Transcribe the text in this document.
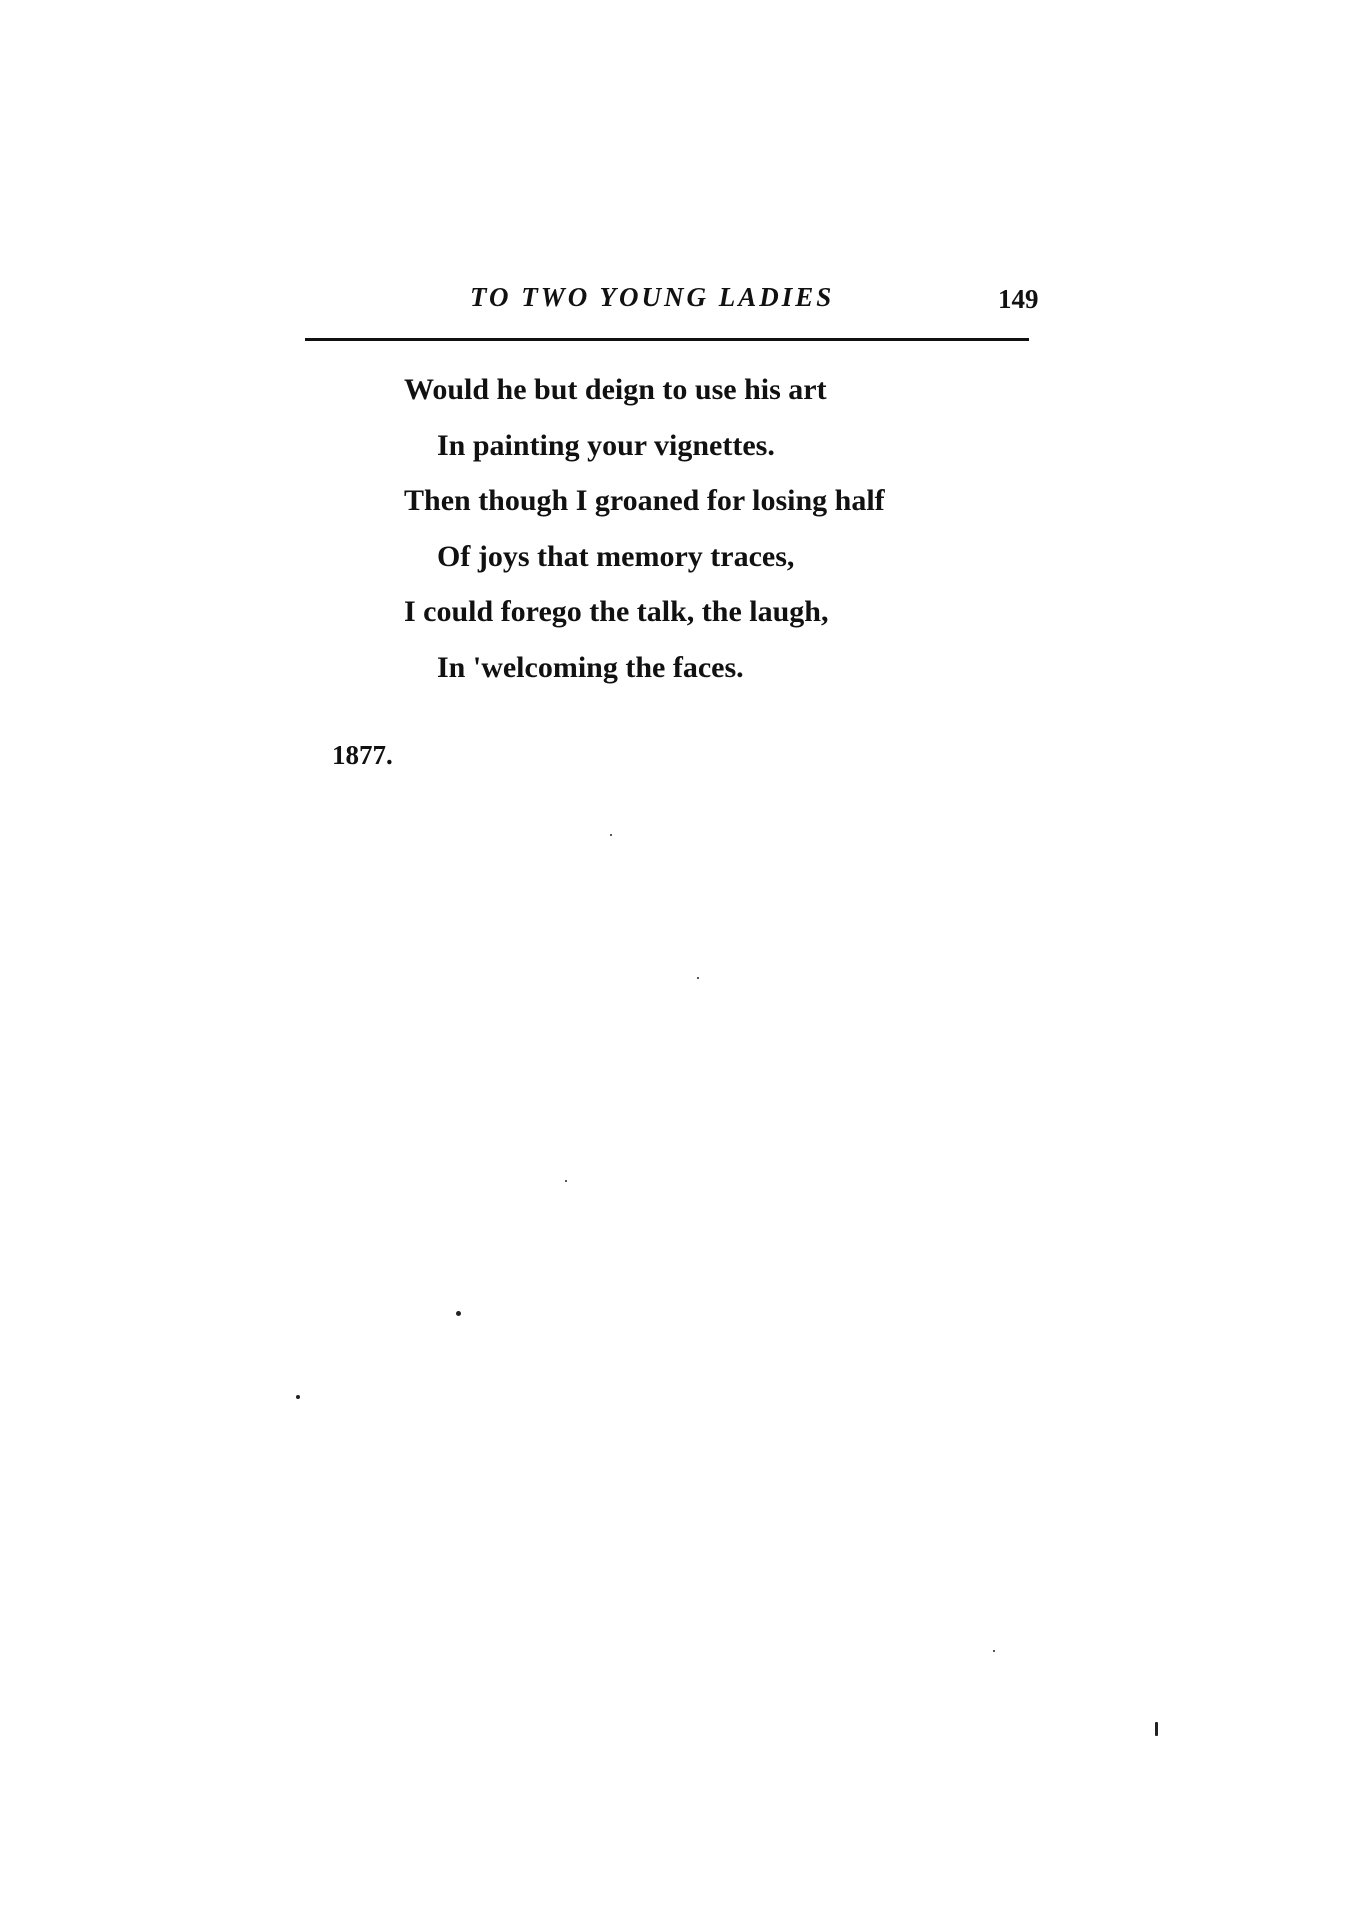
TO TWO YOUNG LADIES	149
Would he but deign to use his art
In painting your vignettes.
Then though I groaned for losing half
Of joys that memory traces,
I could forego the talk, the laugh,
In 'welcoming the faces.
1877.
